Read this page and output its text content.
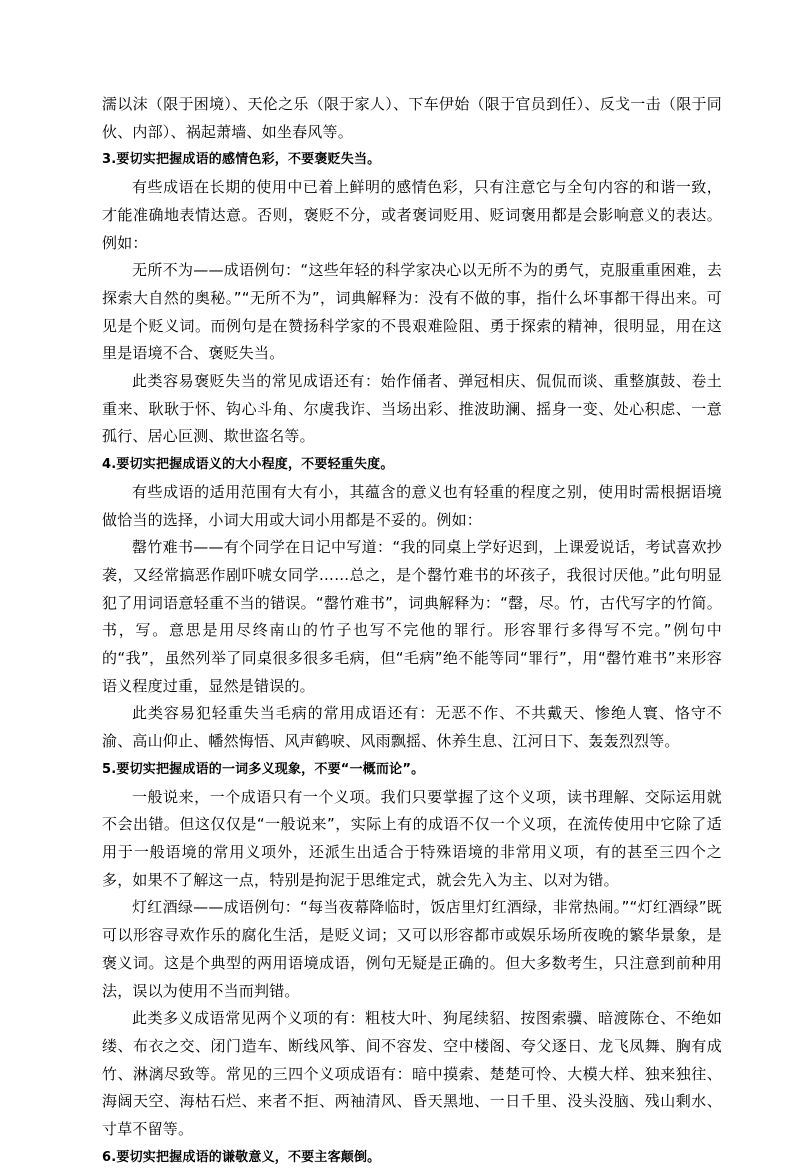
濡以沫（限于困境）、天伦之乐（限于家人）、下车伊始（限于官员到任）、反戈一击（限于同伙、内部）、祸起萧墙、如坐春风等。

3.要切实把握成语的感情色彩，不要褒贬失当。

有些成语在长期的使用中已着上鲜明的感情色彩，只有注意它与全句内容的和谐一致，才能准确地表情达意。否则，褒贬不分，或者褒词贬用、贬词褒用都是会影响意义的表达。例如：

无所不为——成语例句：“这些年轻的科学家决心以无所不为的勇气，克服重重困难，去探索大自然的奥秘。”“无所不为”，词典解释为：没有不做的事，指什么坏事都干得出来。可见是个贬义词。而例句是在赞扬科学家的不畏艰难险阻、勇于探索的精神，很明显，用在这里是语境不合、褒贬失当。

此类容易褒贬失当的常见成语还有：始作俑者、弹冠相庆、侃侃而谈、重整旗鼓、卷土重来、耿耿于怀、钩心斗角、尔虞我诈、当场出彩、推波助澜、摇身一变、处心积虑、一意孤行、居心叵测、欺世盗名等。

4.要切实把握成语义的大小程度，不要轻重失度。

有些成语的适用范围有大有小，其蕴含的意义也有轻重的程度之别，使用时需根据语境做恰当的选择，小词大用或大词小用都是不妥的。例如：

罄竹难书——有个同学在日记中写道：“我的同桌上学好迟到，上课爱说话，考试喜欢抄袭，又经常搞恶作剧吓唬女同学……总之，是个罄竹难书的坏孩子，我很讨厌他。”此句明显犯了用词语意轻重不当的错误。“罄竹难书”，词典解释为：“罄，尽。竹，古代写字的竹简。书，写。意思是用尽终南山的竹子也写不完他的罪行。形容罪行多得写不完。”例句中的“我”，虽然列举了同桌很多很多毛病，但“毛病”绝不能等同“罪行”，用“罄竹难书”来形容语义程度过重，显然是错误的。

此类容易犯轻重失当毛病的常用成语还有：无恶不作、不共戴天、惨绝人寰、恪守不渝、高山仰止、幡然悔悟、风声鹤唳、风雨飘摇、休养生息、江河日下、轰轰烈烈等。

5.要切实把握成语的一词多义现象，不要“一概而论”。

一般说来，一个成语只有一个义项。我们只要掌握了这个义项，读书理解、交际运用就不会出错。但这仅仅是“一般说来”，实际上有的成语不仅一个义项，在流传使用中它除了适用于一般语境的常用义项外，还派生出适合于特殊语境的非常用义项，有的甚至三四个之多，如果不了解这一点，特别是拘泥于思维定式，就会先入为主、以对为错。

灯红酒绿——成语例句：“每当夜幕降临时，饭店里灯红酒绿，非常热闹。”“灯红酒绿”既可以形容寻欢作乐的腐化生活，是贬义词；又可以形容都市或娱乐场所夜晚的繁华景象，是褒义词。这是个典型的两用语境成语，例句无疑是正确的。但大多数考生，只注意到前种用法，误以为使用不当而判错。

此类多义成语常见两个义项的有：粗枝大叶、狗尾续貂、按图索骥、暗渡陈仓、不绝如缕、布衣之交、闭门造车、断线风筝、间不容发、空中楼阁、夸父逐日、龙飞凤舞、胸有成竹、淋漓尽致等。常见的三四个义项成语有：暗中摸索、楚楚可怜、大模大样、独来独往、海阔天空、海枯石烂、来者不拒、两袖清风、昏天黑地、一日千里、没头没脑、残山剩水、寸草不留等。

6.要切实把握成语的谦敬意义，不要主客颠倒。
